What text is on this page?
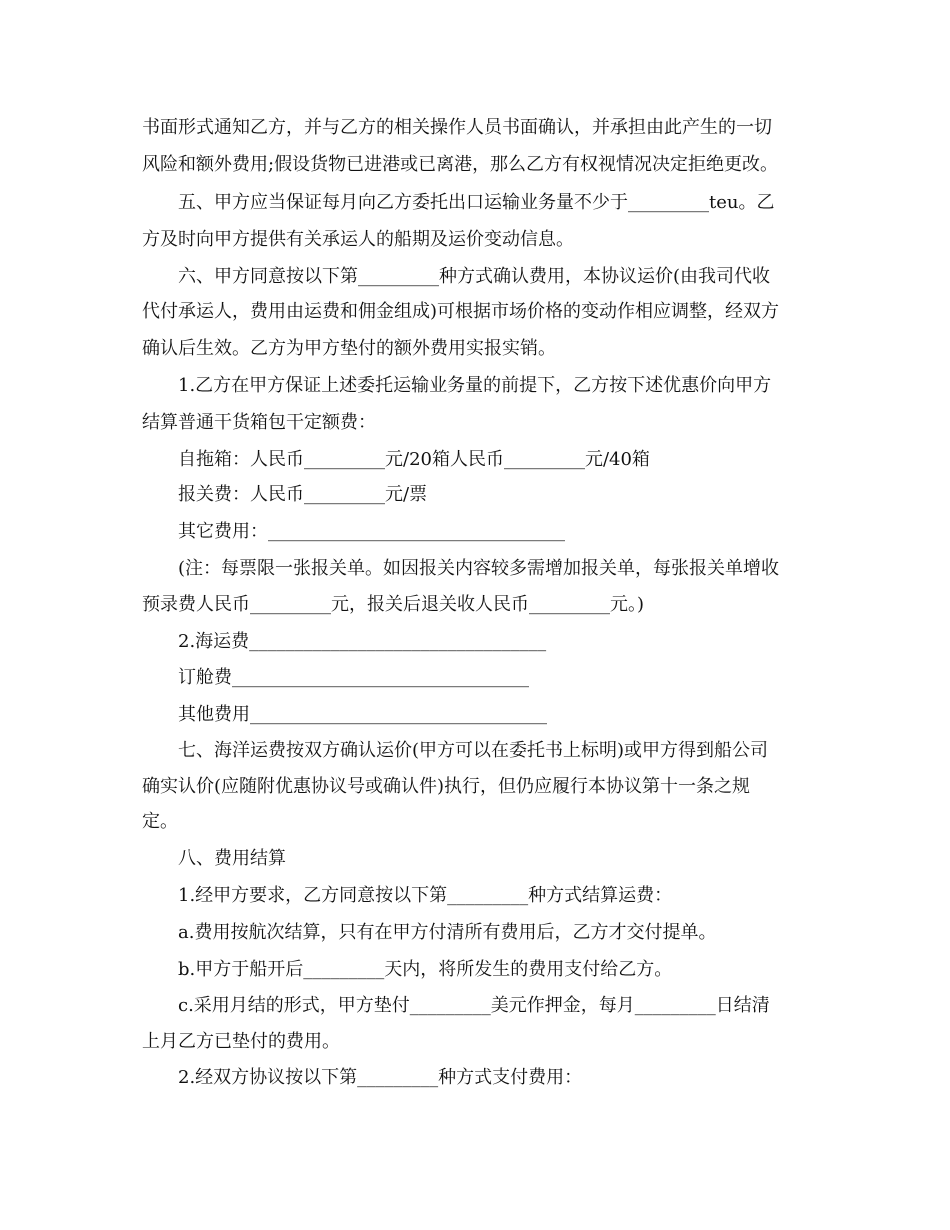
书面形式通知乙方，并与乙方的相关操作人员书面确认，并承担由此产生的一切
风险和额外费用;假设货物已进港或已离港，那么乙方有权视情况决定拒绝更改。
五、甲方应当保证每月向乙方委托出口运输业务量不少于_________teu。乙
方及时向甲方提供有关承运人的船期及运价变动信息。
六、甲方同意按以下第_________种方式确认费用，本协议运价(由我司代收
代付承运人，费用由运费和佣金组成)可根据市场价格的变动作相应调整，经双方
确认后生效。乙方为甲方垫付的额外费用实报实销。
1.乙方在甲方保证上述委托运输业务量的前提下，乙方按下述优惠价向甲方
结算普通干货箱包干定额费：
自拖箱：人民币_________元/20箱人民币_________元/40箱
报关费：人民币_________元/票
其它费用：_________________________________
(注：每票限一张报关单。如因报关内容较多需增加报关单，每张报关单增收
预录费人民币_________元，报关后退关收人民币_________元。)
2.海运费_________________________________
订舱费_________________________________
其他费用_________________________________
七、海洋运费按双方确认运价(甲方可以在委托书上标明)或甲方得到船公司
确实认价(应随附优惠协议号或确认件)执行，但仍应履行本协议第十一条之规
定。
八、费用结算
1.经甲方要求，乙方同意按以下第_________种方式结算运费：
a.费用按航次结算，只有在甲方付清所有费用后，乙方才交付提单。
b.甲方于船开后_________天内，将所发生的费用支付给乙方。
c.采用月结的形式，甲方垫付_________美元作押金，每月_________日结清
上月乙方已垫付的费用。
2.经双方协议按以下第_________种方式支付费用：
